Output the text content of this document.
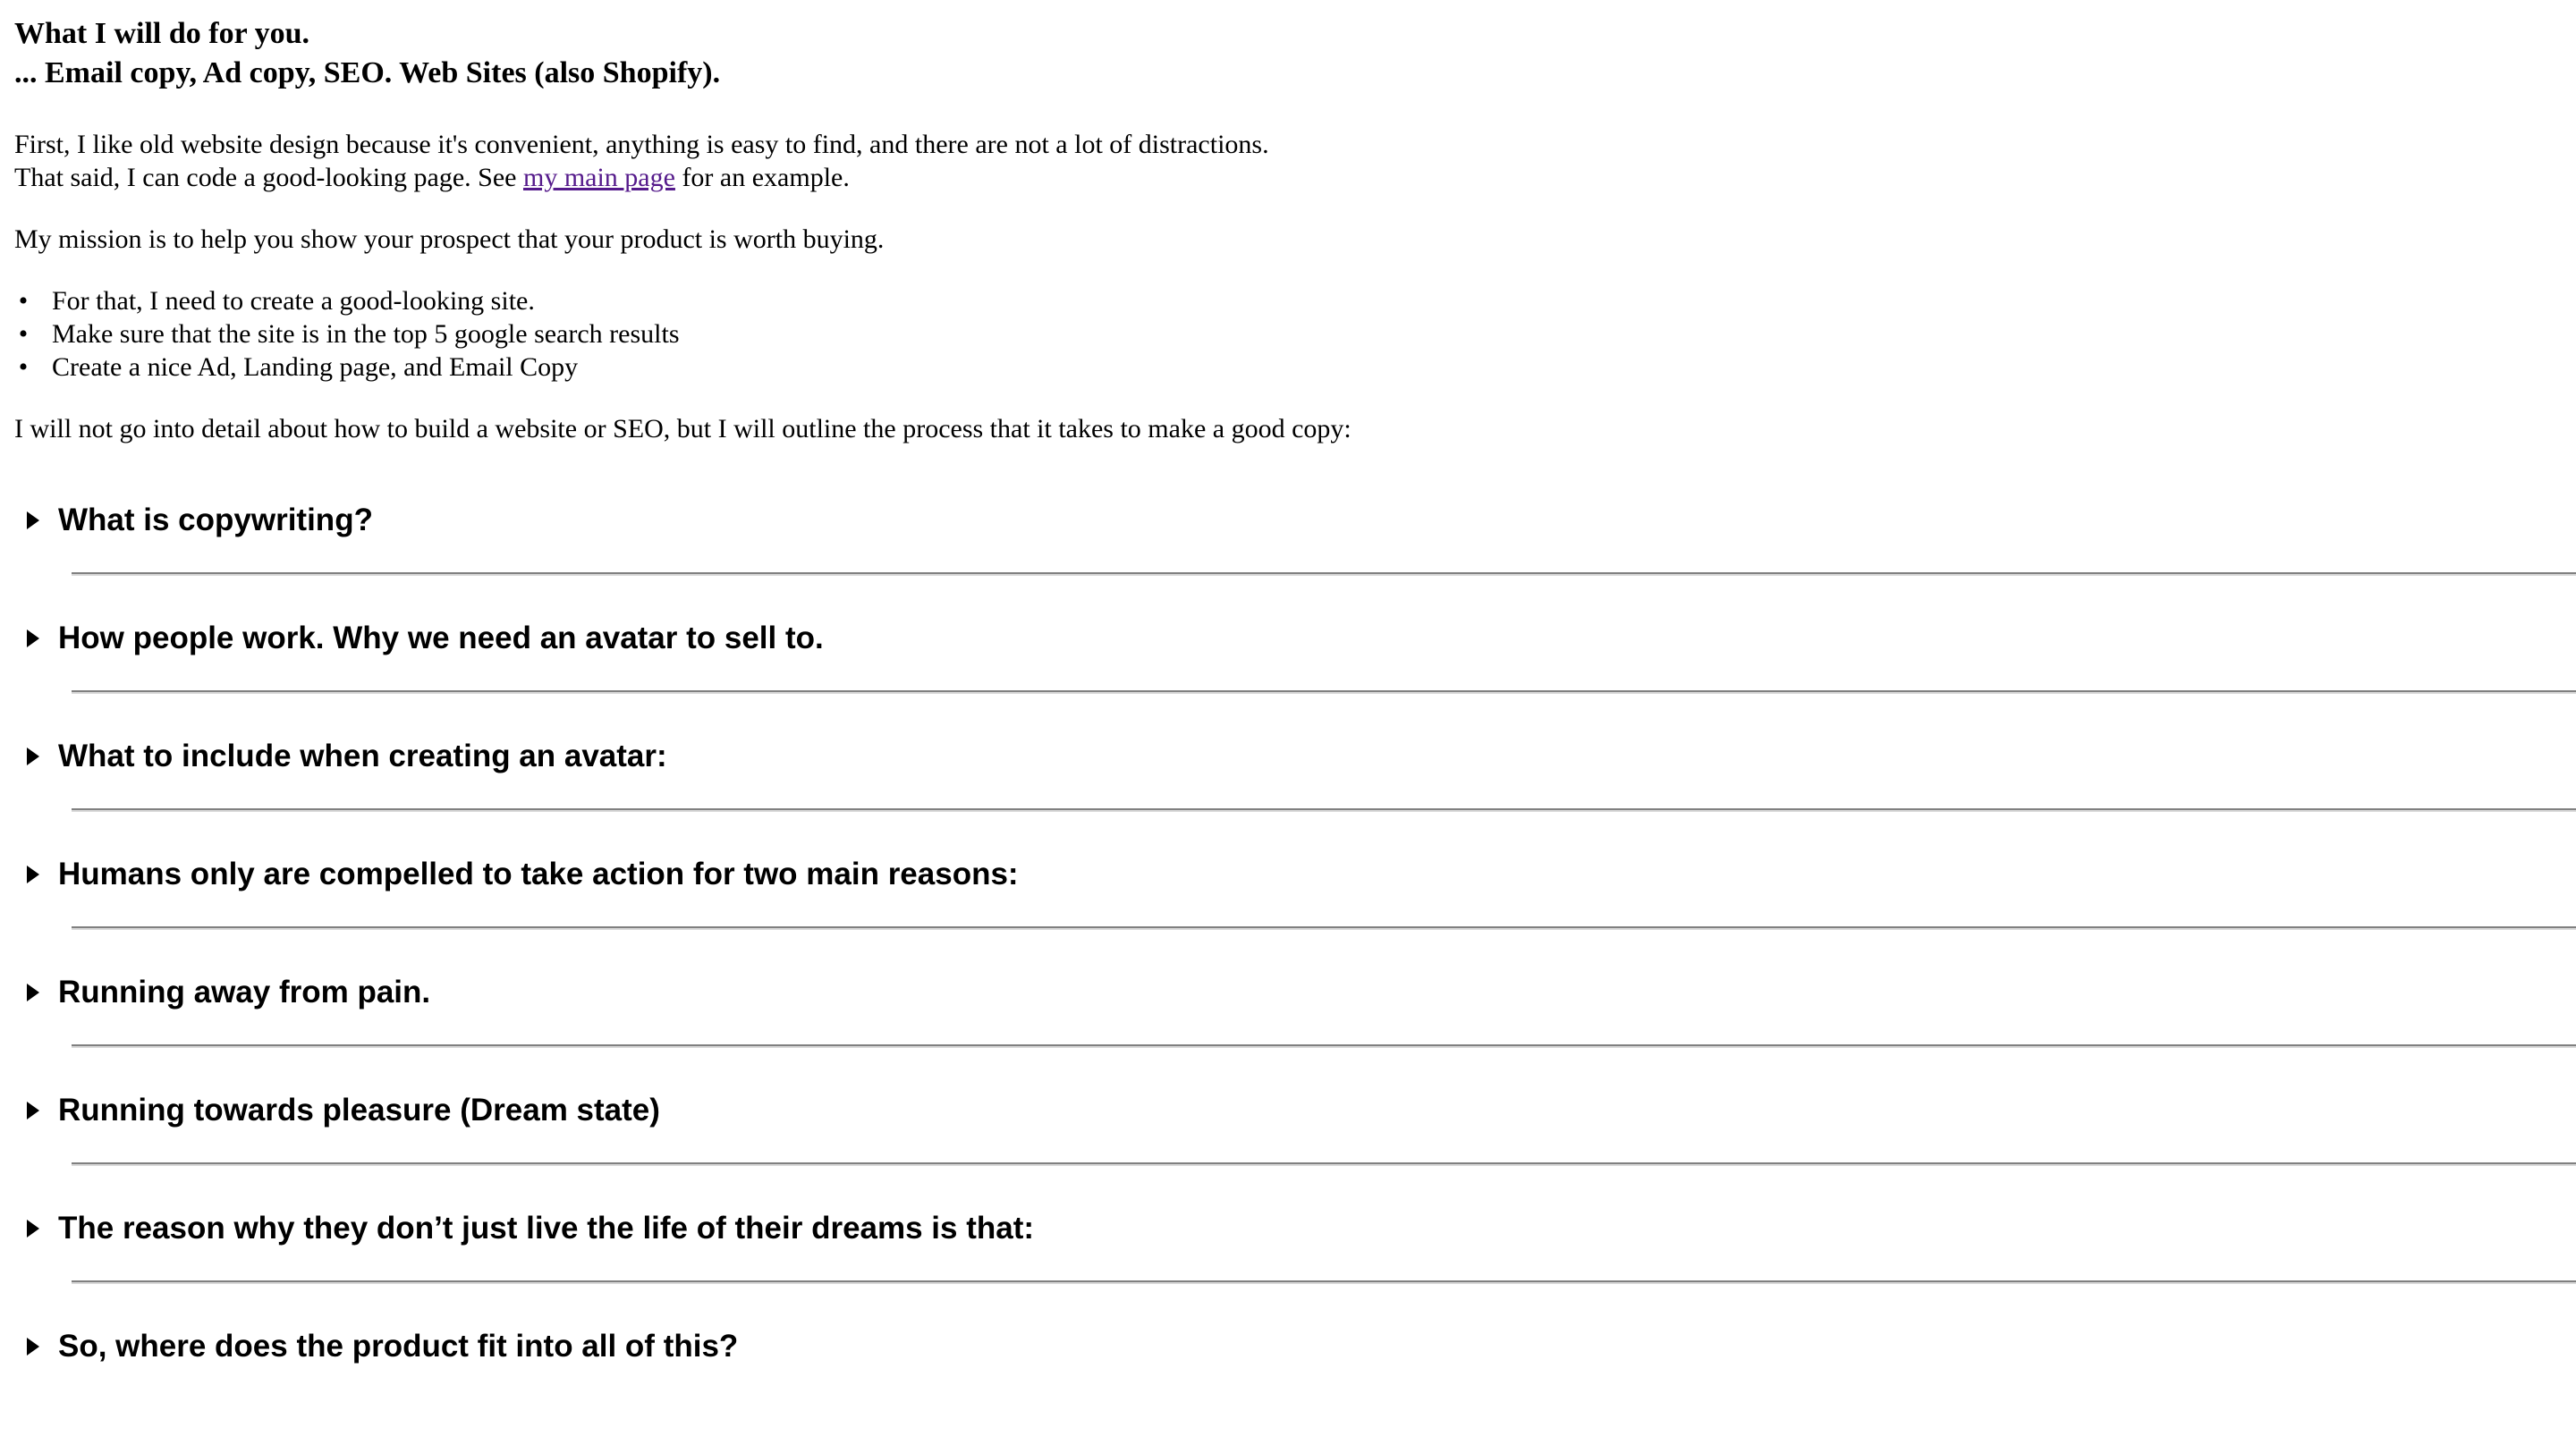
What I will do for you.
... Email copy, Ad copy, SEO. Web Sites (also Shopify).

First, I like old website design because it's convenient, anything is easy to find, and there are not a lot of distractions.
That said, I can code a good-looking page. See my main page for an example.

My mission is to help you show your prospect that your product is worth buying.

• For that, I need to create a good-looking site.
• Make sure that the site is in the top 5 google search results
• Create a nice Ad, Landing page, and Email Copy

I will not go into detail about how to build a website or SEO, but I will outline the process that it takes to make a good copy:

What is copywriting?
How people work. Why we need an avatar to sell to.
What to include when creating an avatar:
Humans only are compelled to take action for two main reasons:
Running away from pain.
Running towards pleasure (Dream state)
The reason why they don’t just live the life of their dreams is that:
So, where does the product fit into all of this?
